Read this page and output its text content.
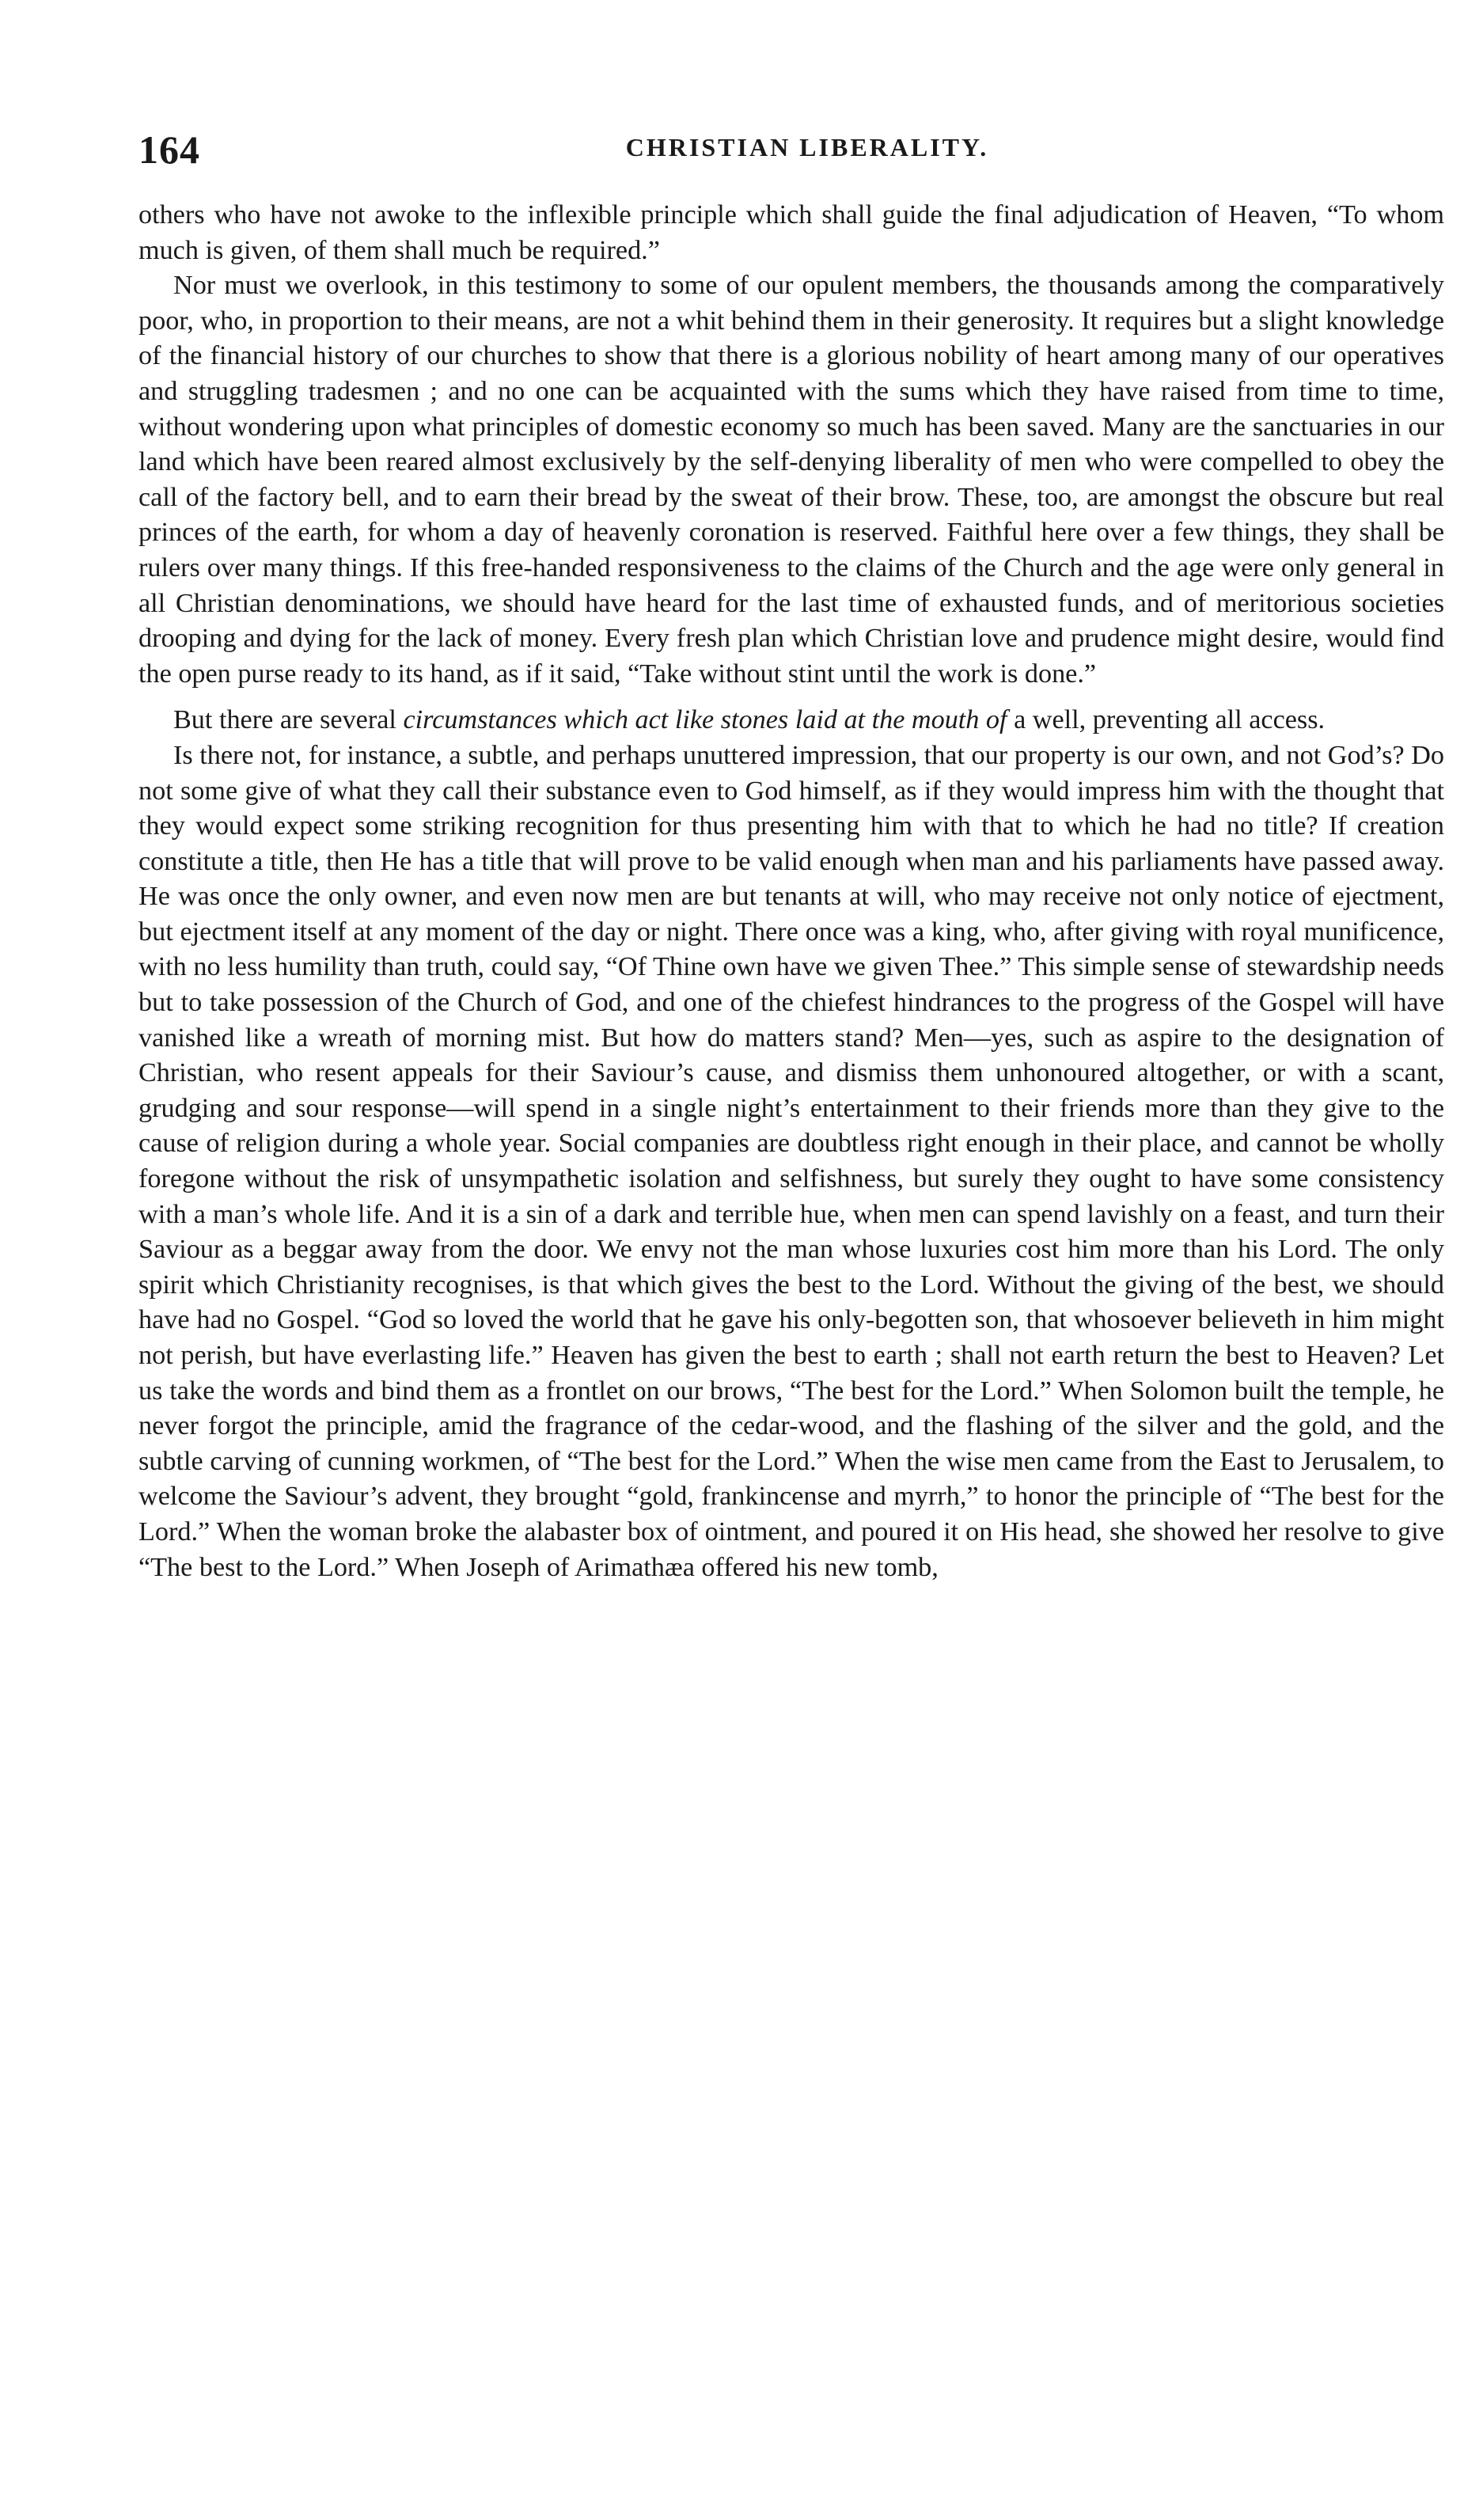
164	CHRISTIAN LIBERALITY.

others who have not awoke to the inflexible principle which shall guide the final adjudication of Heaven, “To whom much is given, of them shall much be required.”

Nor must we overlook, in this testimony to some of our opulent members, the thousands among the comparatively poor, who, in proportion to their means, are not a whit behind them in their generosity. It requires but a slight knowledge of the financial history of our churches to show that there is a glorious nobility of heart among many of our operatives and struggling tradesmen ; and no one can be acquainted with the sums which they have raised from time to time, without wondering upon what principles of domestic economy so much has been saved. Many are the sanctuaries in our land which have been reared almost exclusively by the self-denying liberality of men who were compelled to obey the call of the factory bell, and to earn their bread by the sweat of their brow. These, too, are amongst the obscure but real princes of the earth, for whom a day of heavenly coronation is reserved. Faithful here over a few things, they shall be rulers over many things. If this free-handed responsiveness to the claims of the Church and the age were only general in all Christian denominations, we should have heard for the last time of exhausted funds, and of meritorious societies drooping and dying for the lack of money. Every fresh plan which Christian love and prudence might desire, would find the open purse ready to its hand, as if it said, “Take without stint until the work is done.”

But there are several circumstances which act like stones laid at the mouth of a well, preventing all access.

Is there not, for instance, a subtle, and perhaps unuttered impression, that our property is our own, and not God’s? Do not some give of what they call their substance even to God himself, as if they would impress him with the thought that they would expect some striking recognition for thus presenting him with that to which he had no title? If creation constitute a title, then He has a title that will prove to be valid enough when man and his parliaments have passed away. He was once the only owner, and even now men are but tenants at will, who may receive not only notice of ejectment, but ejectment itself at any moment of the day or night. There once was a king, who, after giving with royal munificence, with no less humility than truth, could say, “Of Thine own have we given Thee.” This simple sense of stewardship needs but to take possession of the Church of God, and one of the chiefest hindrances to the progress of the Gospel will have vanished like a wreath of morning mist. But how do matters stand? Men—yes, such as aspire to the designation of Christian, who resent appeals for their Saviour’s cause, and dismiss them unhonoured altogether, or with a scant, grudging and sour response—will spend in a single night’s entertainment to their friends more than they give to the cause of religion during a whole year. Social companies are doubtless right enough in their place, and cannot be wholly foregone without the risk of unsympathetic isolation and selfishness, but surely they ought to have some consistency with a man’s whole life. And it is a sin of a dark and terrible hue, when men can spend lavishly on a feast, and turn their Saviour as a beggar away from the door. We envy not the man whose luxuries cost him more than his Lord. The only spirit which Christianity recognises, is that which gives the best to the Lord. Without the giving of the best, we should have had no Gospel. “God so loved the world that he gave his only-begotten son, that whosoever believeth in him might not perish, but have everlasting life.” Heaven has given the best to earth ; shall not earth return the best to Heaven? Let us take the words and bind them as a frontlet on our brows, “The best for the Lord.” When Solomon built the temple, he never forgot the principle, amid the fragrance of the cedar-wood, and the flashing of the silver and the gold, and the subtle carving of cunning workmen, of “The best for the Lord.” When the wise men came from the East to Jerusalem, to welcome the Saviour’s advent, they brought “gold, frankincense and myrrh,” to honor the principle of “The best for the Lord.” When the woman broke the alabaster box of ointment, and poured it on His head, she showed her resolve to give “The best to the Lord.” When Joseph of Arimathæa offered his new tomb,
